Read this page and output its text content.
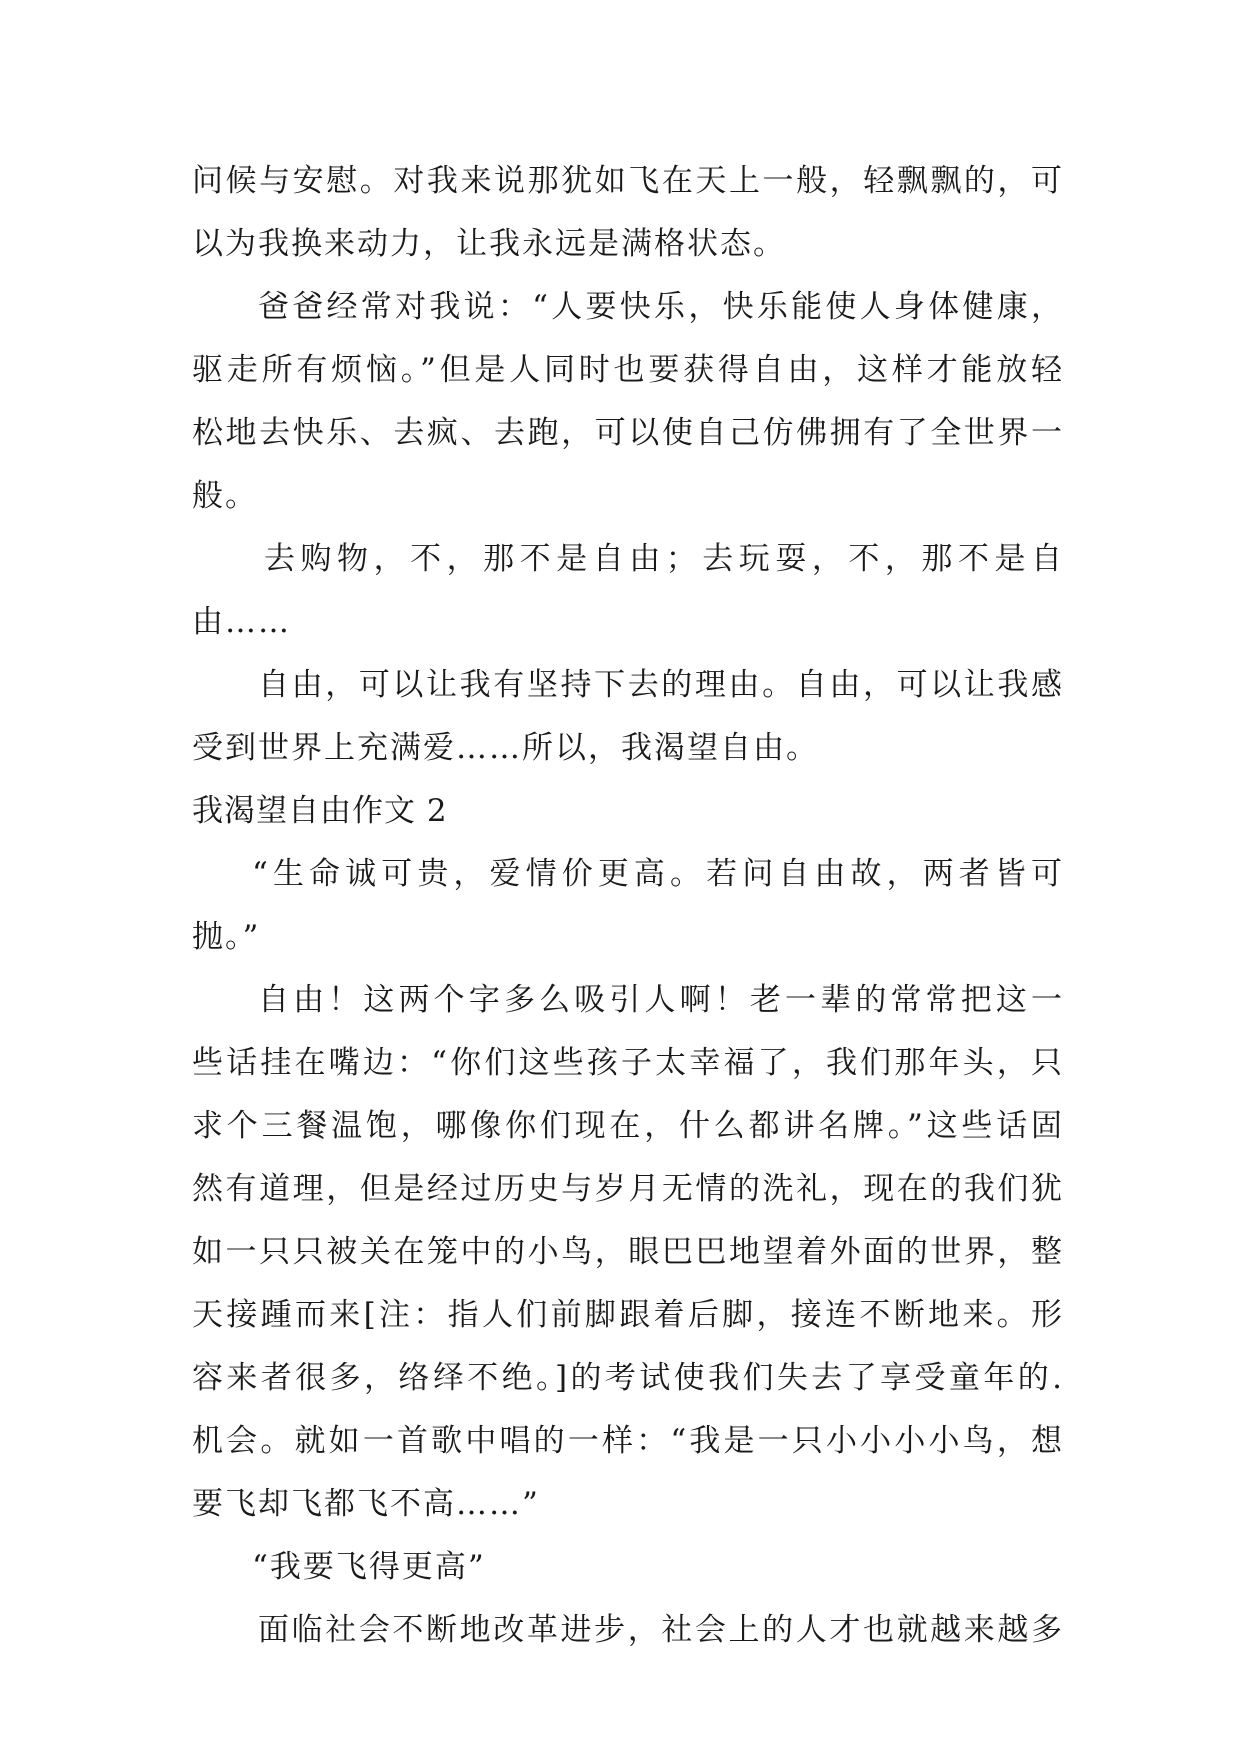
问候与安慰。对我来说那犹如飞在天上一般，轻飘飘的，可
以为我换来动力，让我永远是满格状态。
爸爸经常对我说：“人要快乐，快乐能使人身体健康，
驱走所有烦恼。”但是人同时也要获得自由，这样才能放轻
松地去快乐、去疯、去跑，可以使自己仿佛拥有了全世界一
般。
去购物，不，那不是自由；去玩耍，不，那不是自
由……
自由，可以让我有坚持下去的理由。自由，可以让我感
受到世界上充满爱……所以，我渴望自由。
我渴望自由作文 2
“生命诚可贵，爱情价更高。若问自由故，两者皆可
抛。”
自由！这两个字多么吸引人啊！老一辈的常常把这一
些话挂在嘴边：“你们这些孩子太幸福了，我们那年头，只
求个三餐温饱，哪像你们现在，什么都讲名牌。”这些话固
然有道理，但是经过历史与岁月无情的洗礼，现在的我们犹
如一只只被关在笼中的小鸟，眼巴巴地望着外面的世界，整
天接踵而来[注：指人们前脚跟着后脚，接连不断地来。形
容来者很多，络绎不绝。]的考试使我们失去了享受童年的.
机会。就如一首歌中唱的一样：“我是一只小小小小鸟，想
要飞却飞都飞不高……”
“我要飞得更高”
面临社会不断地改革进步，社会上的人才也就越来越多
